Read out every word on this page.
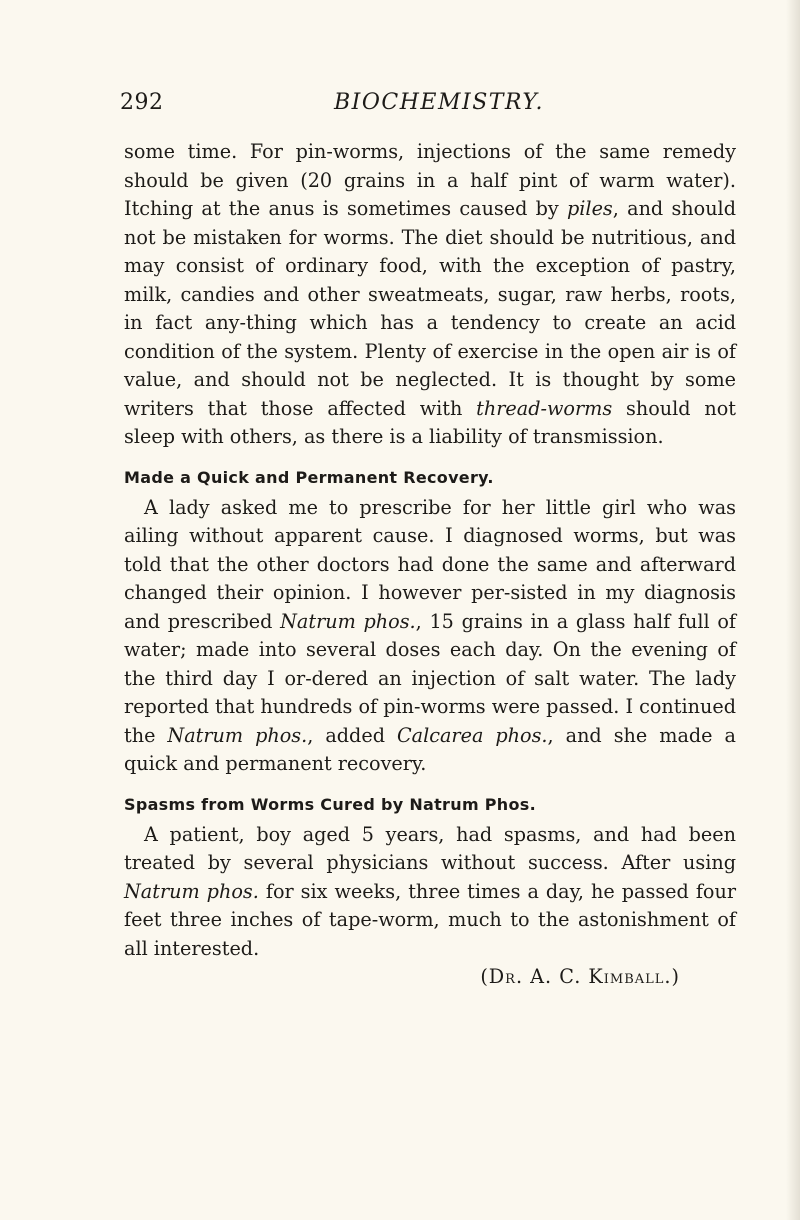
292	BIOCHEMISTRY.

some time. For pin-worms, injections of the same remedy should be given (20 grains in a half pint of warm water). Itching at the anus is sometimes caused by piles, and should not be mistaken for worms. The diet should be nutritious, and may consist of ordinary food, with the exception of pastry, milk, candies and other sweatmeats, sugar, raw herbs, roots, in fact any-thing which has a tendency to create an acid condition of the system. Plenty of exercise in the open air is of value, and should not be neglected. It is thought by some writers that those affected with thread-worms should not sleep with others, as there is a liability of transmission.

Made a Quick and Permanent Recovery.

A lady asked me to prescribe for her little girl who was ailing without apparent cause. I diagnosed worms, but was told that the other doctors had done the same and afterward changed their opinion. I however per-sisted in my diagnosis and prescribed Natrum phos., 15 grains in a glass half full of water; made into several doses each day. On the evening of the third day I or-dered an injection of salt water. The lady reported that hundreds of pin-worms were passed. I continued the Natrum phos., added Calcarea phos., and she made a quick and permanent recovery.

Spasms from Worms Cured by Natrum Phos.

A patient, boy aged 5 years, had spasms, and had been treated by several physicians without success. After using Natrum phos. for six weeks, three times a day, he passed four feet three inches of tape-worm, much to the astonishment of all interested.

(Dr. A. C. Kimball.)
